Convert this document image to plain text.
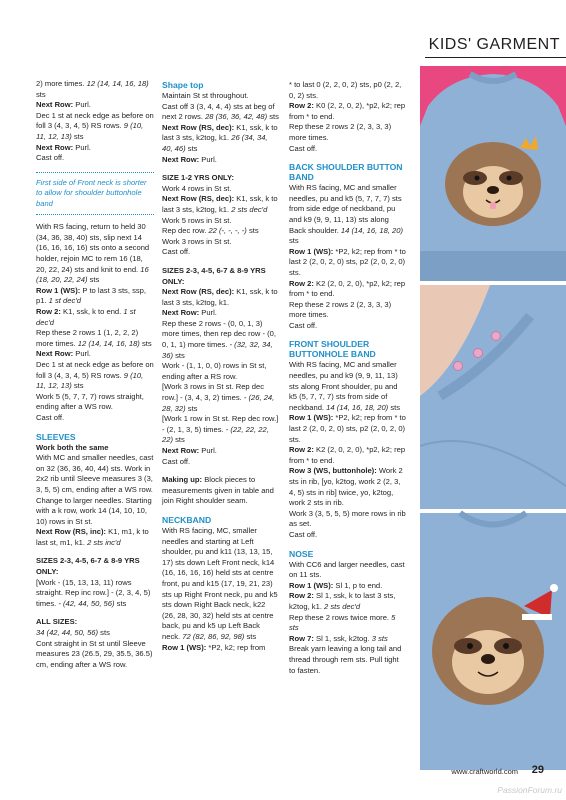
KIDS' GARMENT

2) more times. 12 (14, 14, 16, 18) sts
Next Row: Purl.
Dec 1 st at neck edge as before on foll 3 (4, 3, 4, 5) RS rows. 9 (10, 11, 12, 13) sts
Next Row: Purl.
Cast off.

First side of Front neck is shorter to allow for shoulder buttonhole band

With RS facing, return to held 30 (34, 36, 38, 40) sts, slip next 14 (16, 16, 16, 16) sts onto a second holder, rejoin MC to rem 16 (18, 20, 22, 24) sts and knit to end. 16 (18, 20, 22, 24) sts
Row 1 (WS): P to last 3 sts, ssp, p1. 1 st dec'd
Row 2: K1, ssk, k to end. 1 st dec'd
Rep these 2 rows 1 (1, 2, 2, 2) more times. 12 (14, 14, 16, 18) sts
Next Row: Purl.
Dec 1 st at neck edge as before on foll 3 (4, 3, 4, 5) RS rows. 9 (10, 11, 12, 13) sts
Work 5 (5, 7, 7, 7) rows straight, ending after a WS row.
Cast off.

SLEEVES

Work both the same
With MC and smaller needles, cast on 32 (36, 36, 40, 44) sts. Work in 2x2 rib until Sleeve measures 3 (3, 3, 5, 5) cm, ending after a WS row.
Change to larger needles. Starting with a k row, work 14 (14, 10, 10, 10) rows in St st.
Next Row (RS, inc): K1, m1, k to last st, m1, k1. 2 sts inc'd

SIZES 2-3, 4-5, 6-7 & 8-9 YRS ONLY:
[Work - (15, 13, 13, 11) rows straight. Rep inc row.] - (2, 3, 4, 5) times. - (42, 44, 50, 56) sts

ALL SIZES:
34 (42, 44, 50, 56) sts
Cont straight in St st until Sleeve measures 23 (26.5, 29, 35.5, 36.5) cm, ending after a WS row.

Shape top

Maintain St st throughout.
Cast off 3 (3, 4, 4, 4) sts at beg of next 2 rows. 28 (36, 36, 42, 48) sts
Next Row (RS, dec): K1, ssk, k to last 3 sts, k2tog, k1. 26 (34, 34, 40, 46) sts
Next Row: Purl.

SIZE 1-2 YRS ONLY:
Work 4 rows in St st.
Next Row (RS, dec): K1, ssk, k to last 3 sts, k2tog, k1. 2 sts dec'd
Work 5 rows in St st.
Rep dec row. 22 (-, -, -, -) sts
Work 3 rows in St st.
Cast off.

SIZES 2-3, 4-5, 6-7 & 8-9 YRS ONLY:
Next Row (RS, dec): K1, ssk, k to last 3 sts, k2tog, k1.
Next Row: Purl.
Rep these 2 rows - (0, 0, 1, 3) more times, then rep dec row - (0, 0, 1, 1) more times. - (32, 32, 34, 36) sts
Work - (1, 1, 0, 0) rows in St st, ending after a RS row.
[Work 3 rows in St st. Rep dec row.] - (3, 4, 3, 2) times. - (26, 24, 28, 32) sts
[Work 1 row in St st. Rep dec row.] - (2, 1, 3, 5) times. - (22, 22, 22, 22) sts
Next Row: Purl.
Cast off.

Making up: Block pieces to measurements given in table and join Right shoulder seam.

NECKBAND

With RS facing, MC, smaller needles and starting at Left shoulder, pu and k11 (13, 13, 15, 17) sts down Left Front neck, k14 (16, 16, 16, 16) held sts at centre front, pu and k15 (17, 19, 21, 23) sts up Right Front neck, pu and k5 sts down Right Back neck, k22 (26, 28, 30, 32) held sts at centre back, pu and k5 up Left Back neck. 72 (82, 86, 92, 98) sts
Row 1 (WS): *P2, k2; rep from

* to last 0 (2, 2, 0, 2) sts, p0 (2, 2, 0, 2) sts.
Row 2: K0 (2, 2, 0, 2), *p2, k2; rep from * to end.
Rep these 2 rows 2 (2, 3, 3, 3) more times.
Cast off.

BACK SHOULDER BUTTON BAND

With RS facing, MC and smaller needles, pu and k5 (5, 7, 7, 7) sts from side edge of neckband, pu and k9 (9, 9, 11, 13) sts along Back shoulder. 14 (14, 16, 18, 20) sts
Row 1 (WS): *P2, k2; rep from * to last 2 (2, 0, 2, 0) sts, p2 (2, 0, 2, 0) sts.
Row 2: K2 (2, 0, 2, 0), *p2, k2; rep from * to end.
Rep these 2 rows 2 (2, 3, 3, 3) more times.
Cast off.

FRONT SHOULDER BUTTONHOLE BAND

With RS facing, MC and smaller needles, pu and k9 (9, 9, 11, 13) sts along Front shoulder, pu and k5 (5, 7, 7, 7) sts from side of neckband. 14 (14, 16, 18, 20) sts
Row 1 (WS): *P2, k2; rep from * to last 2 (2, 0, 2, 0) sts, p2 (2, 0, 2, 0) sts.
Row 2: K2 (2, 0, 2, 0), *p2, k2; rep from * to end.
Row 3 (WS, buttonhole): Work 2 sts in rib, [yo, k2tog, work 2 (2, 3, 4, 5) sts in rib] twice, yo, k2tog, work 2 sts in rib.
Work 3 (3, 5, 5, 5) more rows in rib as set.
Cast off.

NOSE

With CC6 and larger needles, cast on 11 sts.
Row 1 (WS): Sl 1, p to end.
Row 2: Sl 1, ssk, k to last 3 sts, k2tog, k1. 2 sts dec'd
Rep these 2 rows twice more. 5 sts
Row 7: Sl 1, ssk, k2tog. 3 sts
Break yarn leaving a long tail and thread through rem sts. Pull tight to fasten.

www.craftworld.com 29
PassionForum.ru
